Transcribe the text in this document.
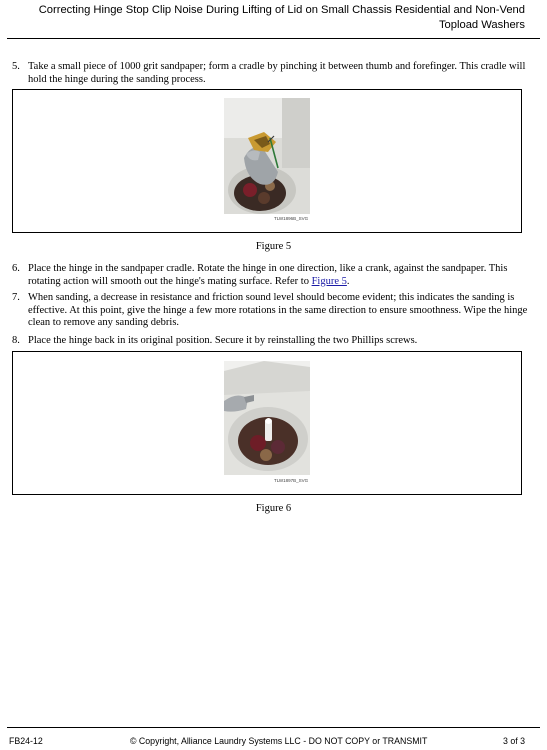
Correcting Hinge Stop Clip Noise During Lifting of Lid on Small Chassis Residential and Non-Vend
Topload Washers
5. Take a small piece of 1000 grit sandpaper; form a cradle by pinching it between thumb and forefinger. This cradle will hold the hinge during the sanding process.
TLW1896B_SVG
Figure 5
6. Place the hinge in the sandpaper cradle. Rotate the hinge in one direction, like a crank, against the sandpaper. This rotating action will smooth out the hinge's mating surface. Refer to Figure 5.
7. When sanding, a decrease in resistance and friction sound level should become evident; this indicates the sanding is effective. At this point, give the hinge a few more rotations in the same direction to ensure smoothness. Wipe the hinge clean to remove any sanding debris.
8. Place the hinge back in its original position. Secure it by reinstalling the two Phillips screws.
TLW1897B_SVG
Figure 6
FB24-12	© Copyright, Alliance Laundry Systems LLC - DO NOT COPY or TRANSMIT	3 of 3
